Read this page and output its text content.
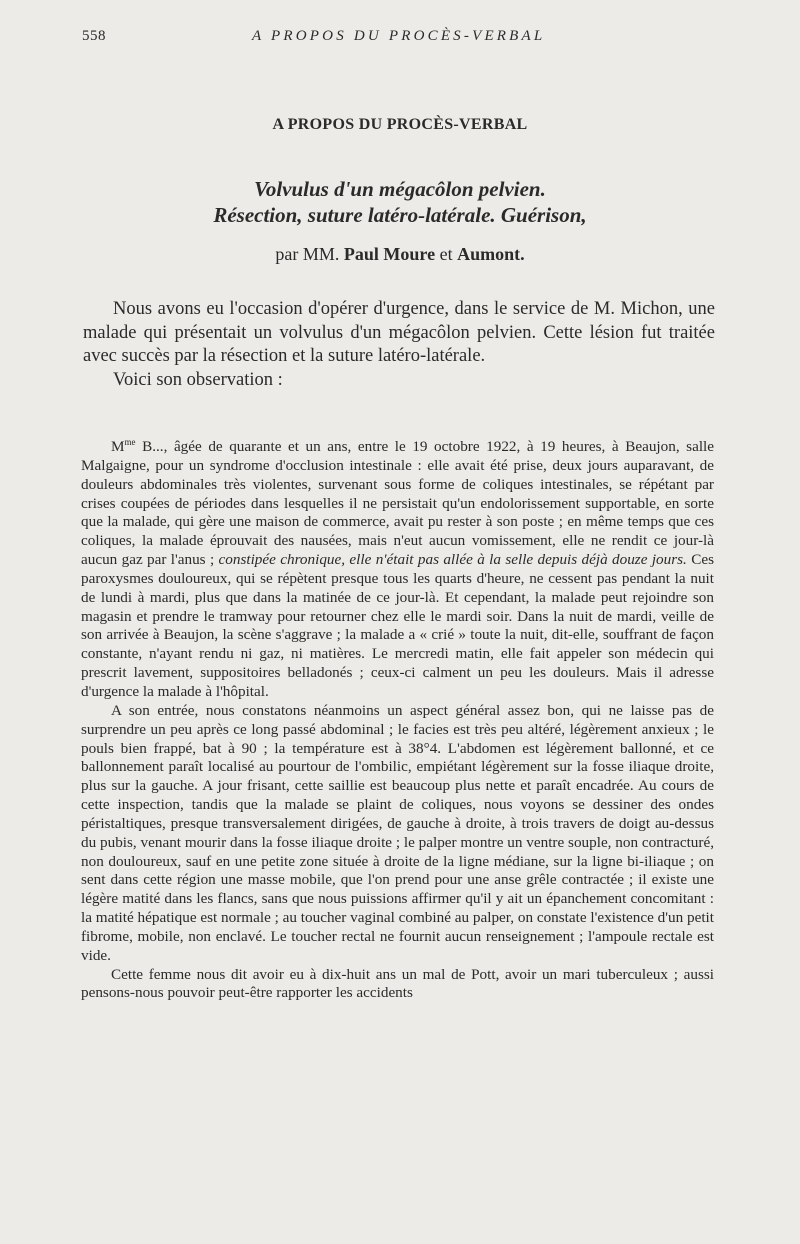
558	A PROPOS DU PROCÈS-VERBAL
A PROPOS DU PROCÈS-VERBAL
Volvulus d'un mégacôlon pelvien.
Résection, suture latéro-latérale. Guérison,
par MM. Paul Moure et Aumont.

Nous avons eu l'occasion d'opérer d'urgence, dans le service de M. Michon, une malade qui présentait un volvulus d'un mégacôlon pelvien. Cette lésion fut traitée avec succès par la résection et la suture latéro-latérale.

Voici son observation :

$M^{me}$ B..., âgée de quarante et un ans, entre le 19 octobre 1922, à 19 heures, à Beaujon, salle Malgaigne, pour un syndrome d'occlusion intestinale : elle avait été prise, deux jours auparavant, de douleurs abdominales très violentes, survenant sous forme de coliques intestinales, se répétant par crises coupées de périodes dans lesquelles il ne persistait qu'un endolorissement supportable, en sorte que la malade, qui gère une maison de commerce, avait pu rester à son poste ; en même temps que ces coliques, la malade éprouvait des nausées, mais n'eut aucun vomissement, elle ne rendit ce jour-là aucun gaz par l'anus ; constipée chronique, elle n'était pas allée à la selle depuis déjà douze jours. Ces paroxysmes douloureux, qui se répètent presque tous les quarts d'heure, ne cessent pas pendant la nuit de lundi à mardi, plus que dans la matinée de ce jour-là. Et cependant, la malade peut rejoindre son magasin et prendre le tramway pour retourner chez elle le mardi soir. Dans la nuit de mardi, veille de son arrivée à Beaujon, la scène s'aggrave ; la malade a « crié » toute la nuit, dit-elle, souffrant de façon constante, n'ayant rendu ni gaz, ni matières. Le mercredi matin, elle fait appeler son médecin qui prescrit lavement, suppositoires belladonés ; ceux-ci calment un peu les douleurs. Mais il adresse d'urgence la malade à l'hôpital.

A son entrée, nous constatons néanmoins un aspect général assez bon, qui ne laisse pas de surprendre un peu après ce long passé abdominal ; le facies est très peu altéré, légèrement anxieux ; le pouls bien frappé, bat à 90 ; la température est à 38°4. L'abdomen est légèrement ballonné, et ce ballonnement paraît localisé au pourtour de l'ombilic, empiétant légèrement sur la fosse iliaque droite, plus sur la gauche. A jour frisant, cette saillie est beaucoup plus nette et paraît encadrée. Au cours de cette inspection, tandis que la malade se plaint de coliques, nous voyons se dessiner des ondes péristaltiques, presque transversalement dirigées, de gauche à droite, à trois travers de doigt au-dessus du pubis, venant mourir dans la fosse iliaque droite ; le palper montre un ventre souple, non contracturé, non douloureux, sauf en une petite zone située à droite de la ligne médiane, sur la ligne bi-iliaque ; on sent dans cette région une masse mobile, que l'on prend pour une anse grêle contractée ; il existe une légère matité dans les flancs, sans que nous puissions affirmer qu'il y ait un épanchement concomitant : la matité hépatique est normale ; au toucher vaginal combiné au palper, on constate l'existence d'un petit fibrome, mobile, non enclavé. Le toucher rectal ne fournit aucun renseignement ; l'ampoule rectale est vide.

Cette femme nous dit avoir eu à dix-huit ans un mal de Pott, avoir un mari tuberculeux ; aussi pensons-nous pouvoir peut-être rapporter les accidents
